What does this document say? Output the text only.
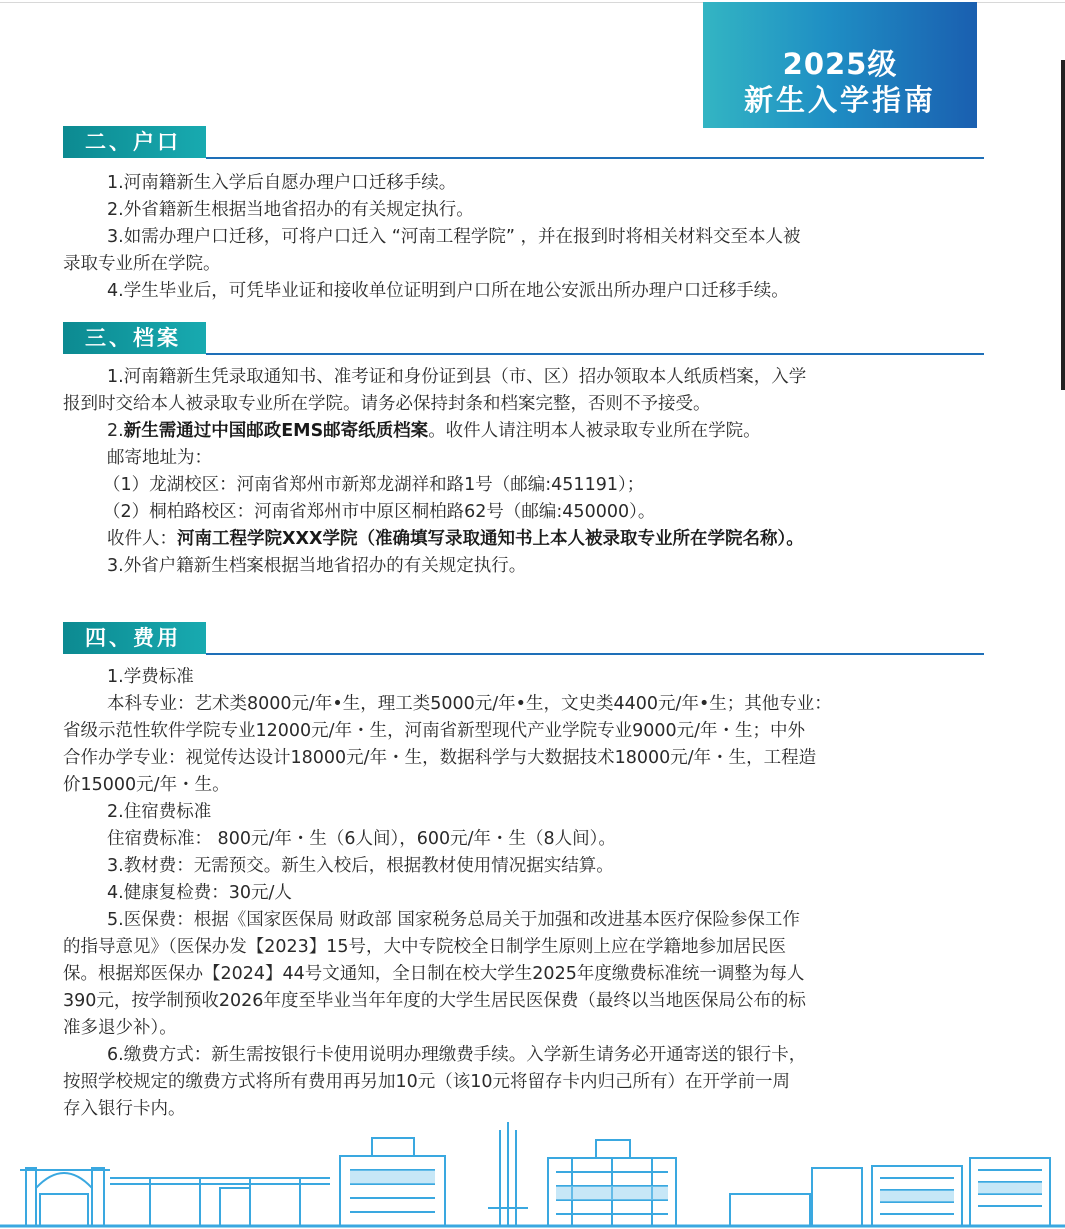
2025级
新生入学指南
二、户口

1.河南籍新生入学后自愿办理户口迁移手续。

2.外省籍新生根据当地省招办的有关规定执行。

3.如需办理户口迁移，可将户口迁入 “河南工程学院” ，并在报到时将相关材料交至本人被

录取专业所在学院。

4.学生毕业后，可凭毕业证和接收单位证明到户口所在地公安派出所办理户口迁移手续。

三、档案

1.河南籍新生凭录取通知书、准考证和身份证到县（市、区）招办领取本人纸质档案，入学

报到时交给本人被录取专业所在学院。请务必保持封条和档案完整，否则不予接受。

2.新生需通过中国邮政EMS邮寄纸质档案。收件人请注明本人被录取专业所在学院。

邮寄地址为：

（1）龙湖校区：河南省郑州市新郑龙湖祥和路1号（邮编:451191）；

（2）桐柏路校区：河南省郑州市中原区桐柏路62号（邮编:450000）。

收件人：河南工程学院XXX学院（准确填写录取通知书上本人被录取专业所在学院名称）。

3.外省户籍新生档案根据当地省招办的有关规定执行。

四、费用

1.学费标准

本科专业：艺术类8000元/年•生，理工类5000元/年•生，文史类4400元/年•生；其他专业：

省级示范性软件学院专业12000元/年・生，河南省新型现代产业学院专业9000元/年・生；中外

合作办学专业：视觉传达设计18000元/年・生，数据科学与大数据技术18000元/年・生，工程造

价15000元/年・生。

2.住宿费标准

住宿费标准： 800元/年・生（6人间），600元/年・生（8人间）。

3.教材费：无需预交。新生入校后，根据教材使用情况据实结算。

4.健康复检费：30元/人

5.医保费：根据《国家医保局 财政部 国家税务总局关于加强和改进基本医疗保险参保工作

的指导意见》（医保办发【2023】15号，大中专院校全日制学生原则上应在学籍地参加居民医

保。根据郑医保办【2024】44号文通知，全日制在校大学生2025年度缴费标准统一调整为每人

390元，按学制预收2026年度至毕业当年年度的大学生居民医保费（最终以当地医保局公布的标

准多退少补）。

6.缴费方式：新生需按银行卡使用说明办理缴费手续。入学新生请务必开通寄送的银行卡，

按照学校规定的缴费方式将所有费用再另加10元（该10元将留存卡内归己所有）在开学前一周

存入银行卡内。
